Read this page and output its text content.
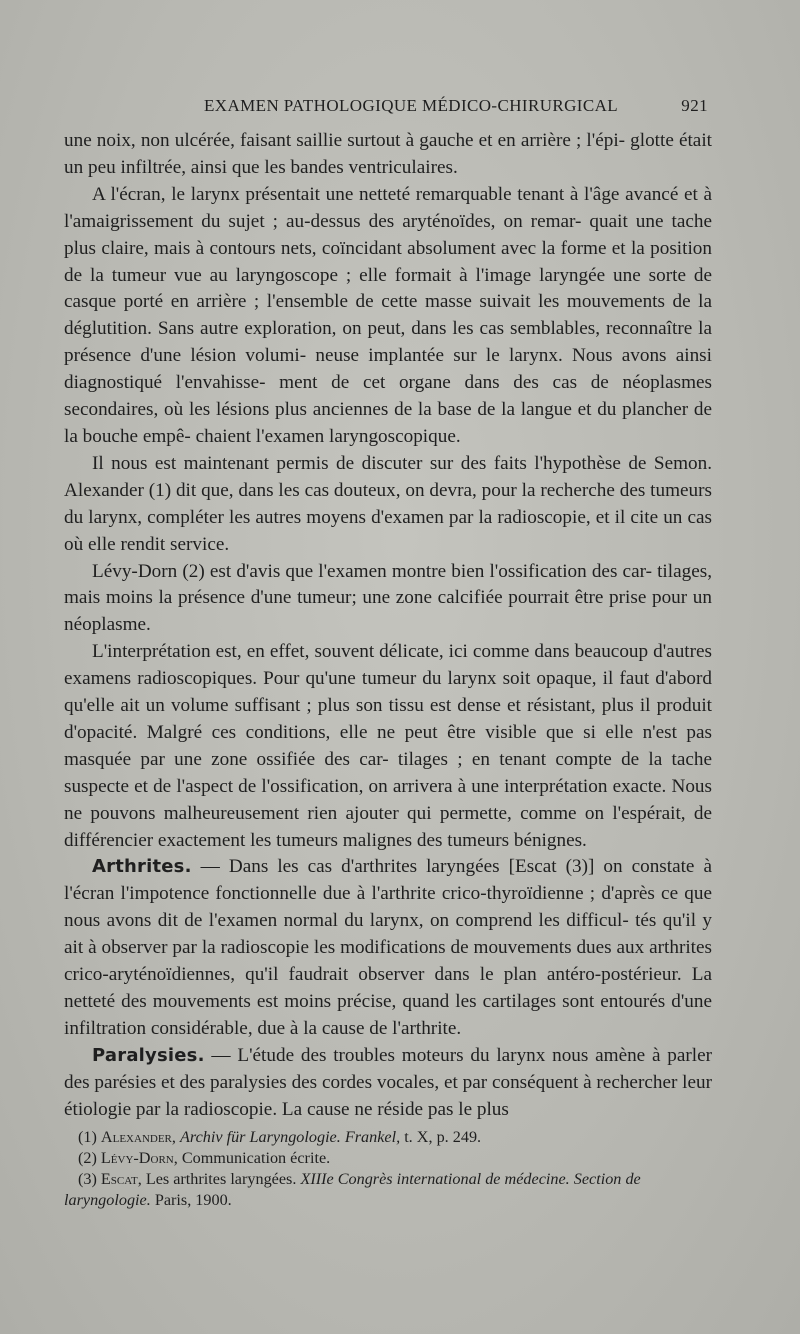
EXAMEN PATHOLOGIQUE MÉDICO-CHIRURGICAL	921

une noix, non ulcérée, faisant saillie surtout à gauche et en arrière ; l'épi- glotte était un peu infiltrée, ainsi que les bandes ventriculaires.

A l'écran, le larynx présentait une netteté remarquable tenant à l'âge avancé et à l'amaigrissement du sujet ; au-dessus des aryténoïdes, on remar- quait une tache plus claire, mais à contours nets, coïncidant absolument avec la forme et la position de la tumeur vue au laryngoscope ; elle formait à l'image laryngée une sorte de casque porté en arrière ; l'ensemble de cette masse suivait les mouvements de la déglutition. Sans autre exploration, on peut, dans les cas semblables, reconnaître la présence d'une lésion volumi- neuse implantée sur le larynx. Nous avons ainsi diagnostiqué l'envahisse- ment de cet organe dans des cas de néoplasmes secondaires, où les lésions plus anciennes de la base de la langue et du plancher de la bouche empê- chaient l'examen laryngoscopique.

Il nous est maintenant permis de discuter sur des faits l'hypothèse de Semon. Alexander (1) dit que, dans les cas douteux, on devra, pour la recherche des tumeurs du larynx, compléter les autres moyens d'examen par la radioscopie, et il cite un cas où elle rendit service.

Lévy-Dorn (2) est d'avis que l'examen montre bien l'ossification des car- tilages, mais moins la présence d'une tumeur; une zone calcifiée pourrait être prise pour un néoplasme.

L'interprétation est, en effet, souvent délicate, ici comme dans beaucoup d'autres examens radioscopiques. Pour qu'une tumeur du larynx soit opaque, il faut d'abord qu'elle ait un volume suffisant ; plus son tissu est dense et résistant, plus il produit d'opacité. Malgré ces conditions, elle ne peut être visible que si elle n'est pas masquée par une zone ossifiée des car- tilages ; en tenant compte de la tache suspecte et de l'aspect de l'ossification, on arrivera à une interprétation exacte. Nous ne pouvons malheureusement rien ajouter qui permette, comme on l'espérait, de différencier exactement les tumeurs malignes des tumeurs bénignes.

Arthrites. — Dans les cas d'arthrites laryngées [Escat (3)] on constate à l'écran l'impotence fonctionnelle due à l'arthrite crico-thyroïdienne ; d'après ce que nous avons dit de l'examen normal du larynx, on comprend les difficul- tés qu'il y ait à observer par la radioscopie les modifications de mouvements dues aux arthrites crico-aryténoïdiennes, qu'il faudrait observer dans le plan antéro-postérieur. La netteté des mouvements est moins précise, quand les cartilages sont entourés d'une infiltration considérable, due à la cause de l'arthrite.

Paralysies. — L'étude des troubles moteurs du larynx nous amène à parler des parésies et des paralysies des cordes vocales, et par conséquent à rechercher leur étiologie par la radioscopie. La cause ne réside pas le plus

(1) Alexander, Archiv für Laryngologie. Frankel, t. X, p. 249.

(2) Lévy-Dorn, Communication écrite.

(3) Escat, Les arthrites laryngées. XIIIe Congrès international de médecine. Section de laryngologie. Paris, 1900.
